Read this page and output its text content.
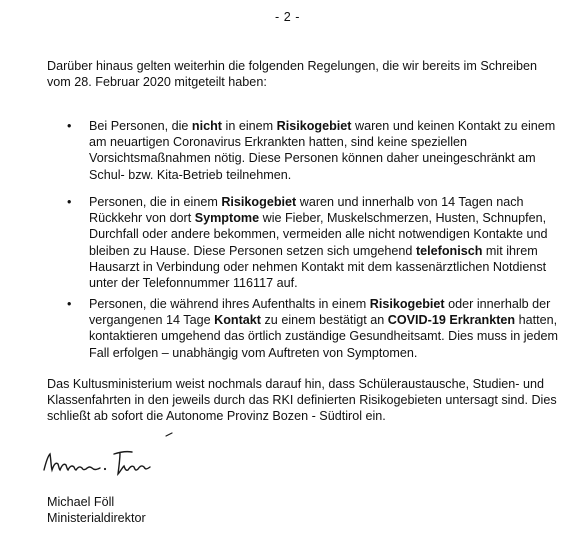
- 2 -

Darüber hinaus gelten weiterhin die folgenden Regelungen, die wir bereits im Schreiben vom 28. Februar 2020 mitgeteilt haben:

• Bei Personen, die nicht in einem Risikogebiet waren und keinen Kontakt zu einem am neuartigen Coronavirus Erkrankten hatten, sind keine speziellen Vorsichtsmaßnahmen nötig. Diese Personen können daher uneingeschränkt am Schul- bzw. Kita-Betrieb teilnehmen.
• Personen, die in einem Risikogebiet waren und innerhalb von 14 Tagen nach Rückkehr von dort Symptome wie Fieber, Muskelschmerzen, Husten, Schnupfen, Durchfall oder andere bekommen, vermeiden alle nicht notwendigen Kontakte und bleiben zu Hause. Diese Personen setzen sich umgehend telefonisch mit ihrem Hausarzt in Verbindung oder nehmen Kontakt mit dem kassenärztlichen Notdienst unter der Telefonnummer 116117 auf.
• Personen, die während ihres Aufenthalts in einem Risikogebiet oder innerhalb der vergangenen 14 Tage Kontakt zu einem bestätigt an COVID-19 Erkrankten hatten, kontaktieren umgehend das örtlich zuständige Gesundheitsamt. Dies muss in jedem Fall erfolgen – unabhängig vom Auftreten von Symptomen.

Das Kultusministerium weist nochmals darauf hin, dass Schüleraustausche, Studien- und Klassenfahrten in den jeweils durch das RKI definierten Risikogebieten untersagt sind. Dies schließt ab sofort die Autonome Provinz Bozen - Südtirol ein.

Michael Föll
Ministerialdirektor
